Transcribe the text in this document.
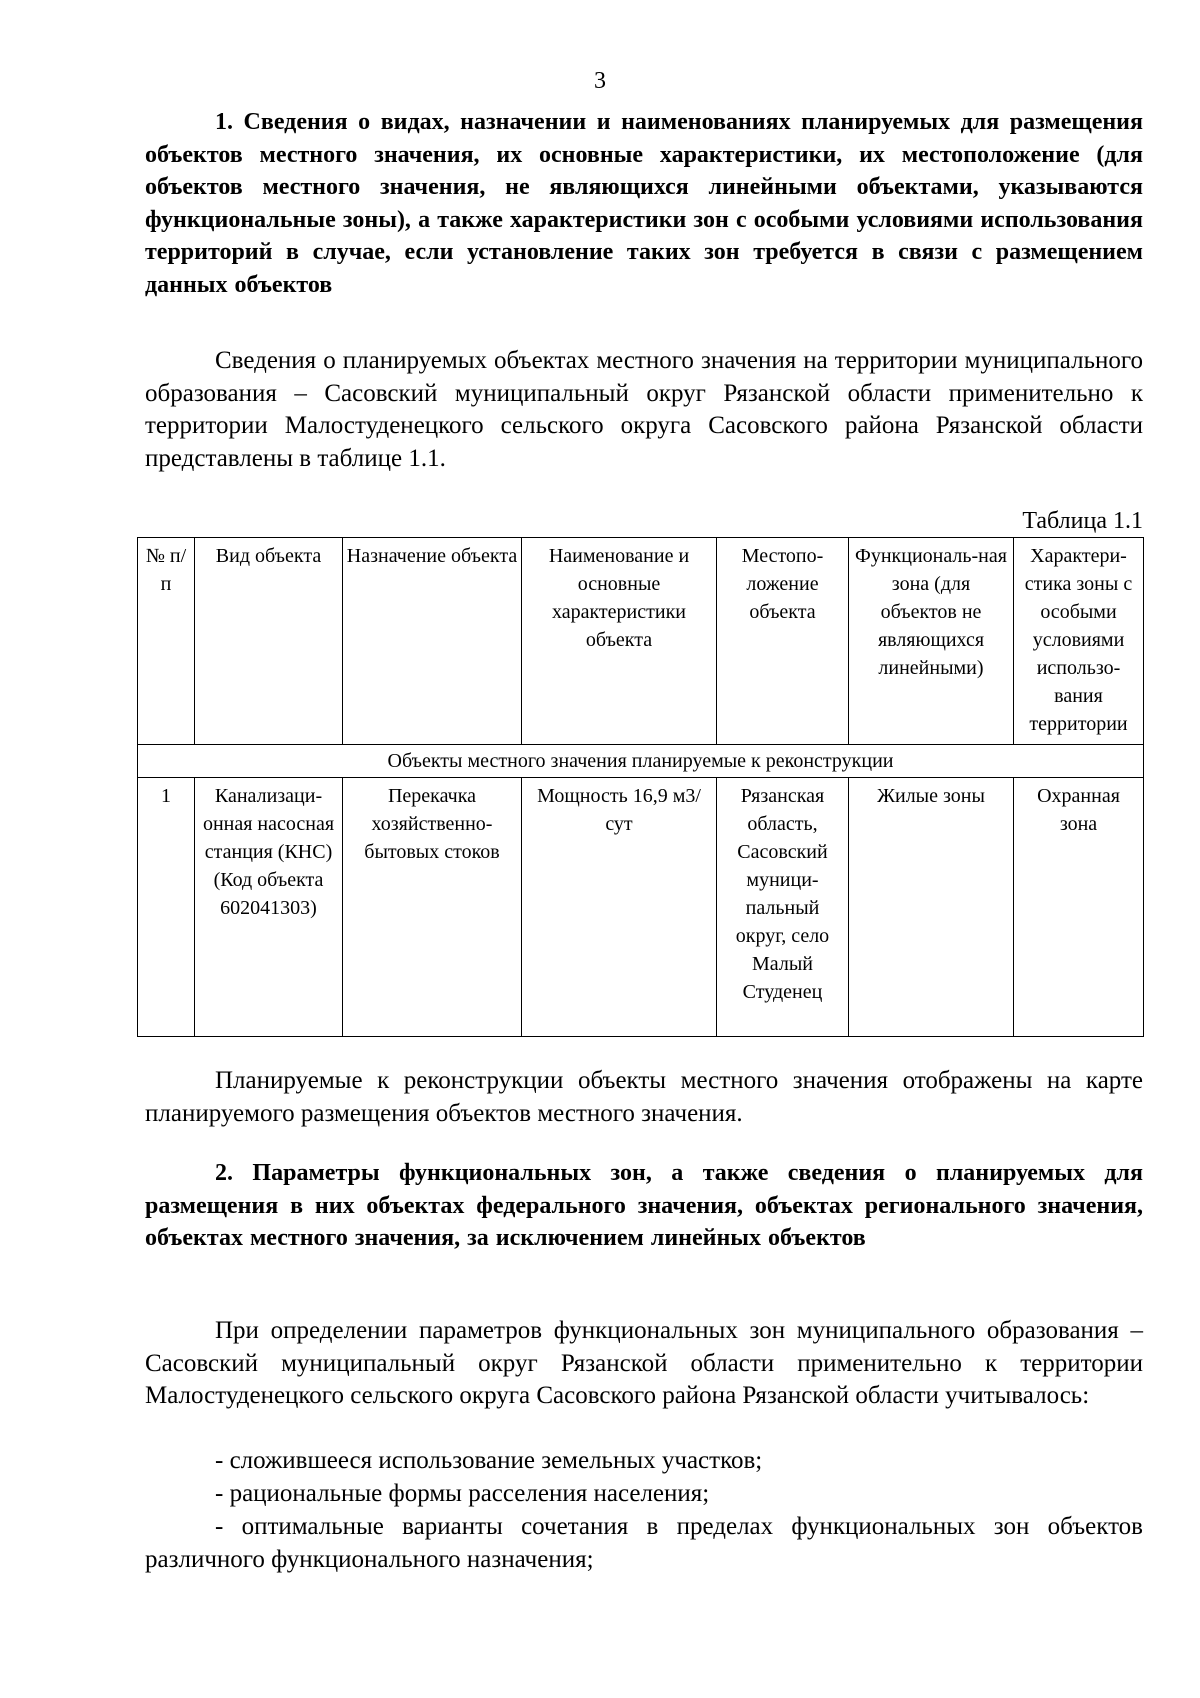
3
1. Сведения о видах, назначении и наименованиях планируемых для размещения объектов местного значения, их основные характеристики, их местоположение (для объектов местного значения, не являющихся линейными объектами, указываются функциональные зоны), а также характеристики зон с особыми условиями использования территорий в случае, если установление таких зон требуется в связи с размещением данных объектов
Сведения о планируемых объектах местного значения на территории муниципального образования – Сасовский муниципальный округ Рязанской области применительно к территории Малостуденецкого сельского округа Сасовского района Рязанской области представлены в таблице 1.1.
Таблица 1.1
№ п/п	Вид объекта	Назначение объекта	Наименование и основные характеристики объекта	Местопо-ложение объекта	Функциональ-ная зона (для объектов не являющихся линейными)	Характери-стика зоны с особыми условиями использо-вания территории
Объекты местного значения планируемые к реконструкции						
1	Канализаци-онная насосная станция (КНС) (Код объекта 602041303)	Перекачка хозяйственно-бытовых стоков	Мощность 16,9 м3/сут	Рязанская область, Сасовский муници-пальный округ, село Малый Студенец	Жилые зоны	Охранная зона
Планируемые к реконструкции объекты местного значения отображены на карте планируемого размещения объектов местного значения.
2. Параметры функциональных зон, а также сведения о планируемых для размещения в них объектах федерального значения, объектах регионального значения, объектах местного значения, за исключением линейных объектов
При определении параметров функциональных зон муниципального образования – Сасовский муниципальный округ Рязанской области применительно к территории Малостуденецкого сельского округа Сасовского района Рязанской области учитывалось:
- сложившееся использование земельных участков;
- рациональные формы расселения населения;
- оптимальные варианты сочетания в пределах функциональных зон объектов различного функционального назначения;
